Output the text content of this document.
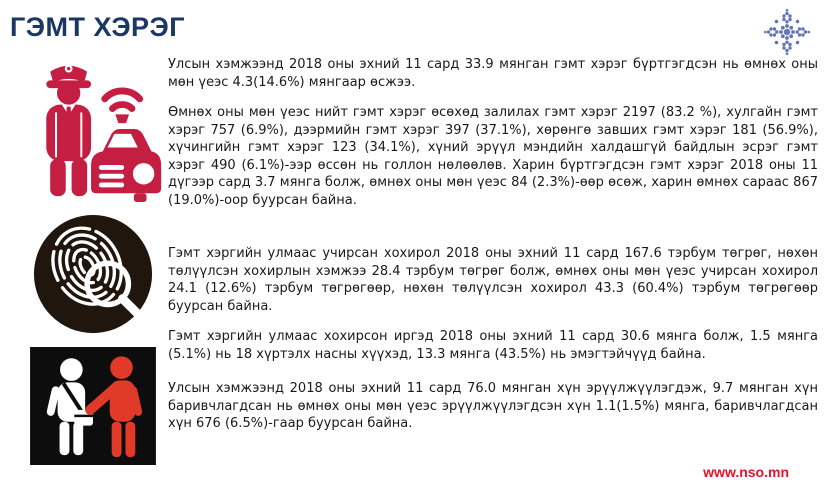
ГЭМТ ХЭРЭГ

Улсын хэмжээнд 2018 оны эхний 11 сард 33.9 мянган гэмт хэрэг бүртгэгдсэн нь өмнөх оны мөн үеэс 4.3(14.6%) мянгаар өсжээ.

Өмнөх оны мөн үеэс нийт гэмт хэрэг өсөхөд залилах гэмт хэрэг 2197 (83.2 %), хулгайн гэмт хэрэг 757 (6.9%), дээрмийн гэмт хэрэг 397 (37.1%), хөрөнгө завших гэмт хэрэг 181 (56.9%), хүчингийн гэмт хэрэг 123 (34.1%), хүний эрүүл мэндийн халдашгүй байдлын эсрэг гэмт хэрэг 490 (6.1%)-ээр өссөн нь голлон нөлөөлөв. Харин бүртгэгдсэн гэмт хэрэг 2018 оны 11 дүгээр сард 3.7 мянга болж, өмнөх оны мөн үеэс 84 (2.3%)-өөр өсөж, харин өмнөх сараас 867 (19.0%)-оор буурсан байна.

Гэмт хэргийн улмаас учирсан хохирол 2018 оны эхний 11 сард 167.6 тэрбум төгрөг, нөхөн төлүүлсэн хохирлын хэмжээ 28.4 тэрбум төгрөг болж, өмнөх оны мөн үеэс учирсан хохирол 24.1 (12.6%) тэрбум төгрөгөөр, нөхөн төлүүлсэн хохирол 43.3 (60.4%) тэрбум төгрөгөөр буурсан байна.

Гэмт хэргийн улмаас хохирсон иргэд 2018 оны эхний 11 сард 30.6 мянга болж, 1.5 мянга (5.1%) нь 18 хүртэлх насны хүүхэд, 13.3 мянга (43.5%) нь эмэгтэйчүүд байна.

Улсын хэмжээнд 2018 оны эхний 11 сард 76.0 мянган хүн эрүүлжүүлэгдэж, 9.7 мянган хүн баривчлагдсан нь өмнөх оны мөн үеэс эрүүлжүүлэгдсэн хүн 1.1(1.5%) мянга, баривчлагдсан хүн 676 (6.5%)-гаар буурсан байна.

www.nso.mn
